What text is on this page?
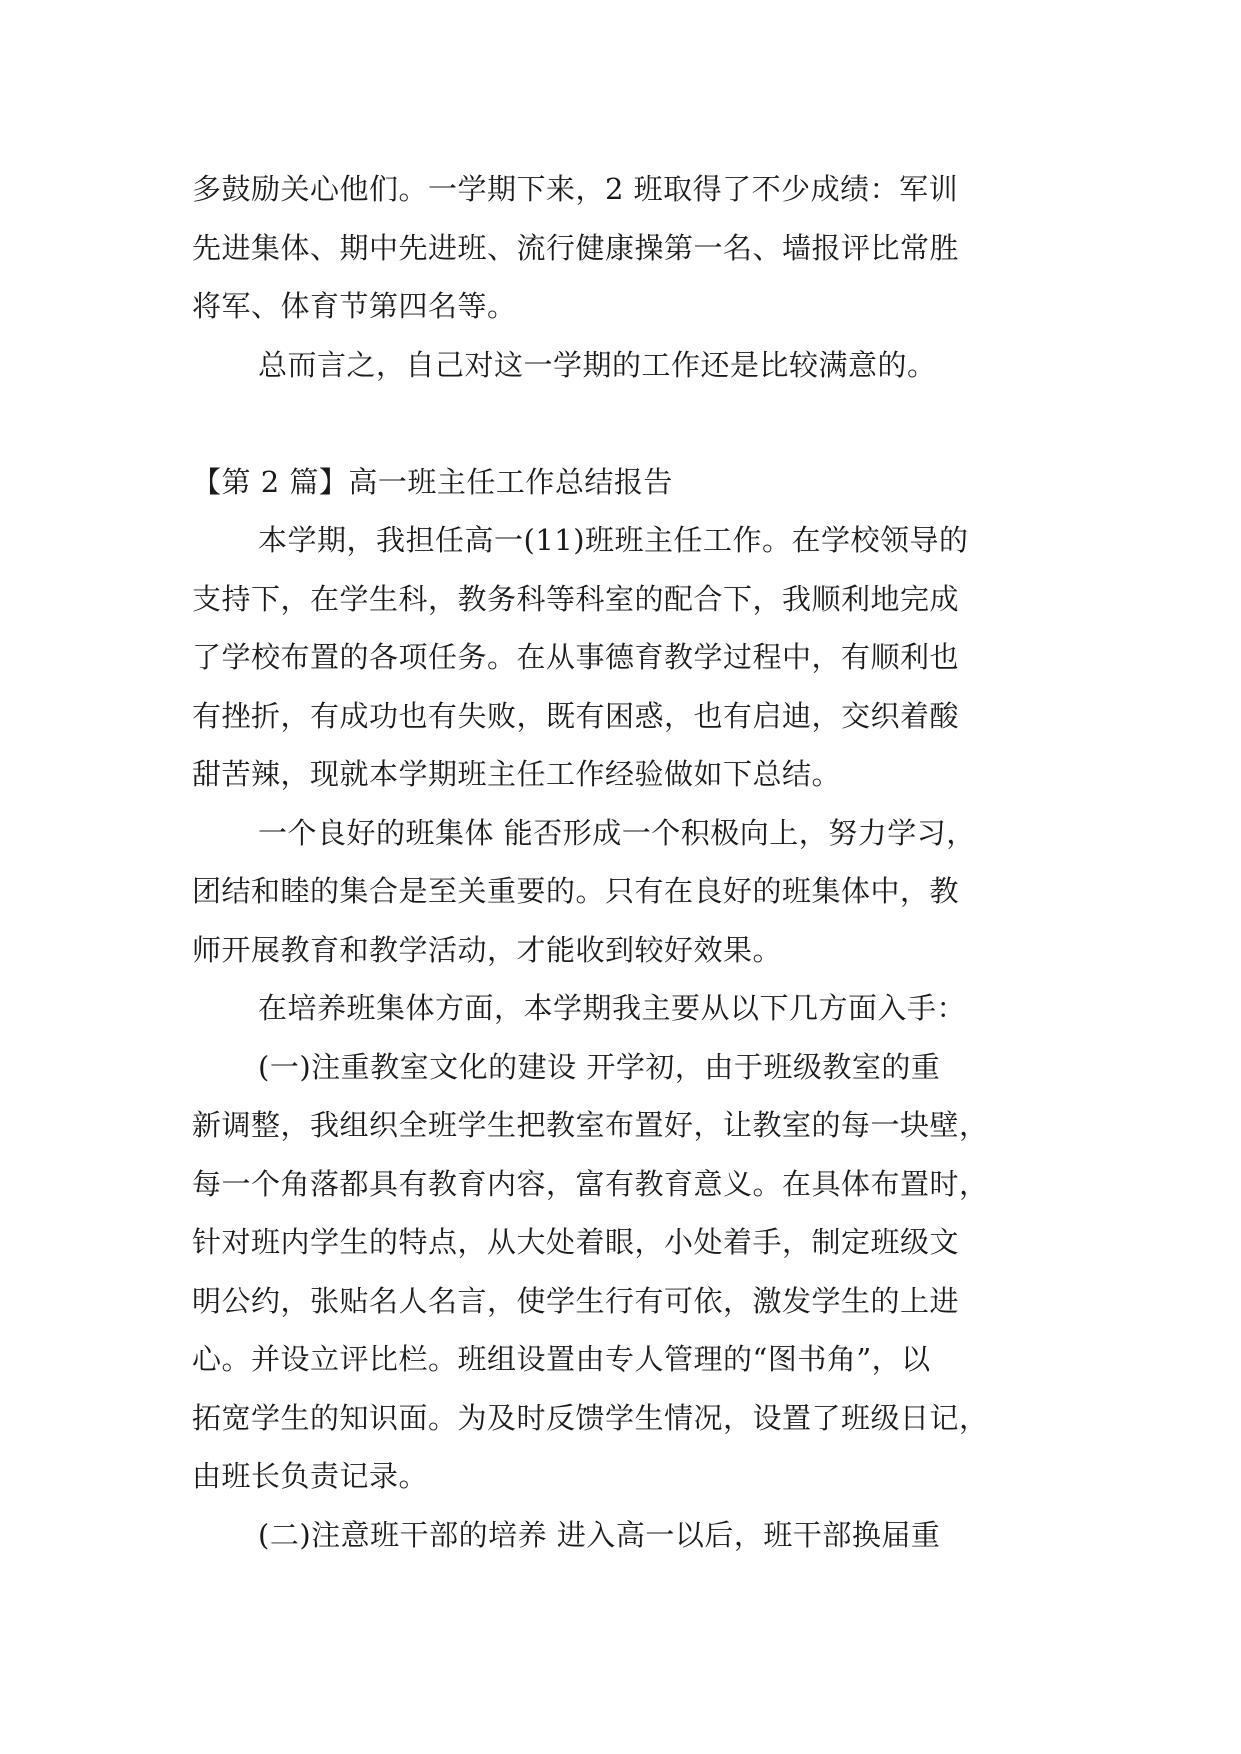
多鼓励关心他们。一学期下来，2 班取得了不少成绩：军训
先进集体、期中先进班、流行健康操第一名、墙报评比常胜
将军、体育节第四名等。
总而言之，自己对这一学期的工作还是比较满意的。
【第 2 篇】高一班主任工作总结报告
本学期，我担任高一(11)班班主任工作。在学校领导的
支持下，在学生科，教务科等科室的配合下，我顺利地完成
了学校布置的各项任务。在从事德育教学过程中，有顺利也
有挫折，有成功也有失败，既有困惑，也有启迪，交织着酸
甜苦辣，现就本学期班主任工作经验做如下总结。
一个良好的班集体 能否形成一个积极向上，努力学习，
团结和睦的集合是至关重要的。只有在良好的班集体中，教
师开展教育和教学活动，才能收到较好效果。
在培养班集体方面，本学期我主要从以下几方面入手：
(一)注重教室文化的建设 开学初，由于班级教室的重
新调整，我组织全班学生把教室布置好，让教室的每一块壁，
每一个角落都具有教育内容，富有教育意义。在具体布置时，
针对班内学生的特点，从大处着眼，小处着手，制定班级文
明公约，张贴名人名言，使学生行有可依，激发学生的上进
心。并设立评比栏。班组设置由专人管理的“图书角”，以
拓宽学生的知识面。为及时反馈学生情况，设置了班级日记，
由班长负责记录。
(二)注意班干部的培养 进入高一以后，班干部换届重
